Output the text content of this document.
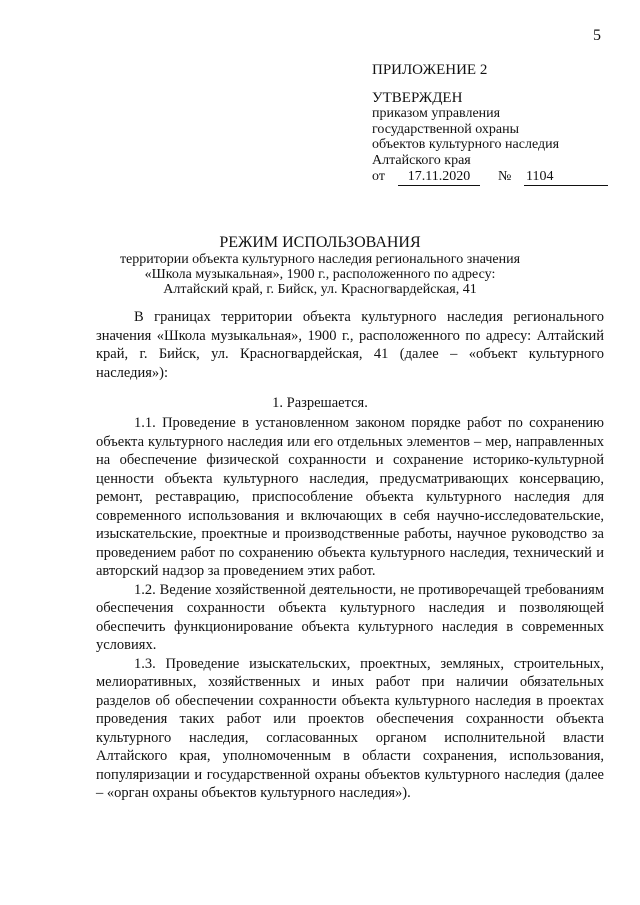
5
ПРИЛОЖЕНИЕ 2
УТВЕРЖДЕН
приказом управления
государственной охраны
объектов культурного наследия
Алтайского края
от	17.11.2020	№	1104
РЕЖИМ ИСПОЛЬЗОВАНИЯ
территории объекта культурного наследия регионального значения
«Школа музыкальная», 1900 г., расположенного по адресу:
Алтайский край, г. Бийск, ул. Красногвардейская, 41

В границах территории объекта культурного наследия регионального значения «Школа музыкальная», 1900 г., расположенного по адресу: Алтайский край, г. Бийск, ул. Красногвардейская, 41 (далее – «объект культурного наследия»):

1. Разрешается.

1.1. Проведение в установленном законом порядке работ по сохранению объекта культурного наследия или его отдельных элементов – мер, направленных на обеспечение физической сохранности и сохранение историко-культурной ценности объекта культурного наследия, предусматривающих консервацию, ремонт, реставрацию, приспособление объекта культурного наследия для современного использования и включающих в себя научно-исследовательские, изыскательские, проектные и производственные работы, научное руководство за проведением работ по сохранению объекта культурного наследия, технический и авторский надзор за проведением этих работ.

1.2. Ведение хозяйственной деятельности, не противоречащей требованиям обеспечения сохранности объекта культурного наследия и позволяющей обеспечить функционирование объекта культурного наследия в современных условиях.

1.3. Проведение изыскательских, проектных, земляных, строительных, мелиоративных, хозяйственных и иных работ при наличии обязательных разделов об обеспечении сохранности объекта культурного наследия в проектах проведения таких работ или проектов обеспечения сохранности объекта культурного наследия, согласованных органом исполнительной власти Алтайского края, уполномоченным в области сохранения, использования, популяризации и государственной охраны объектов культурного наследия (далее – «орган охраны объектов культурного наследия»).
